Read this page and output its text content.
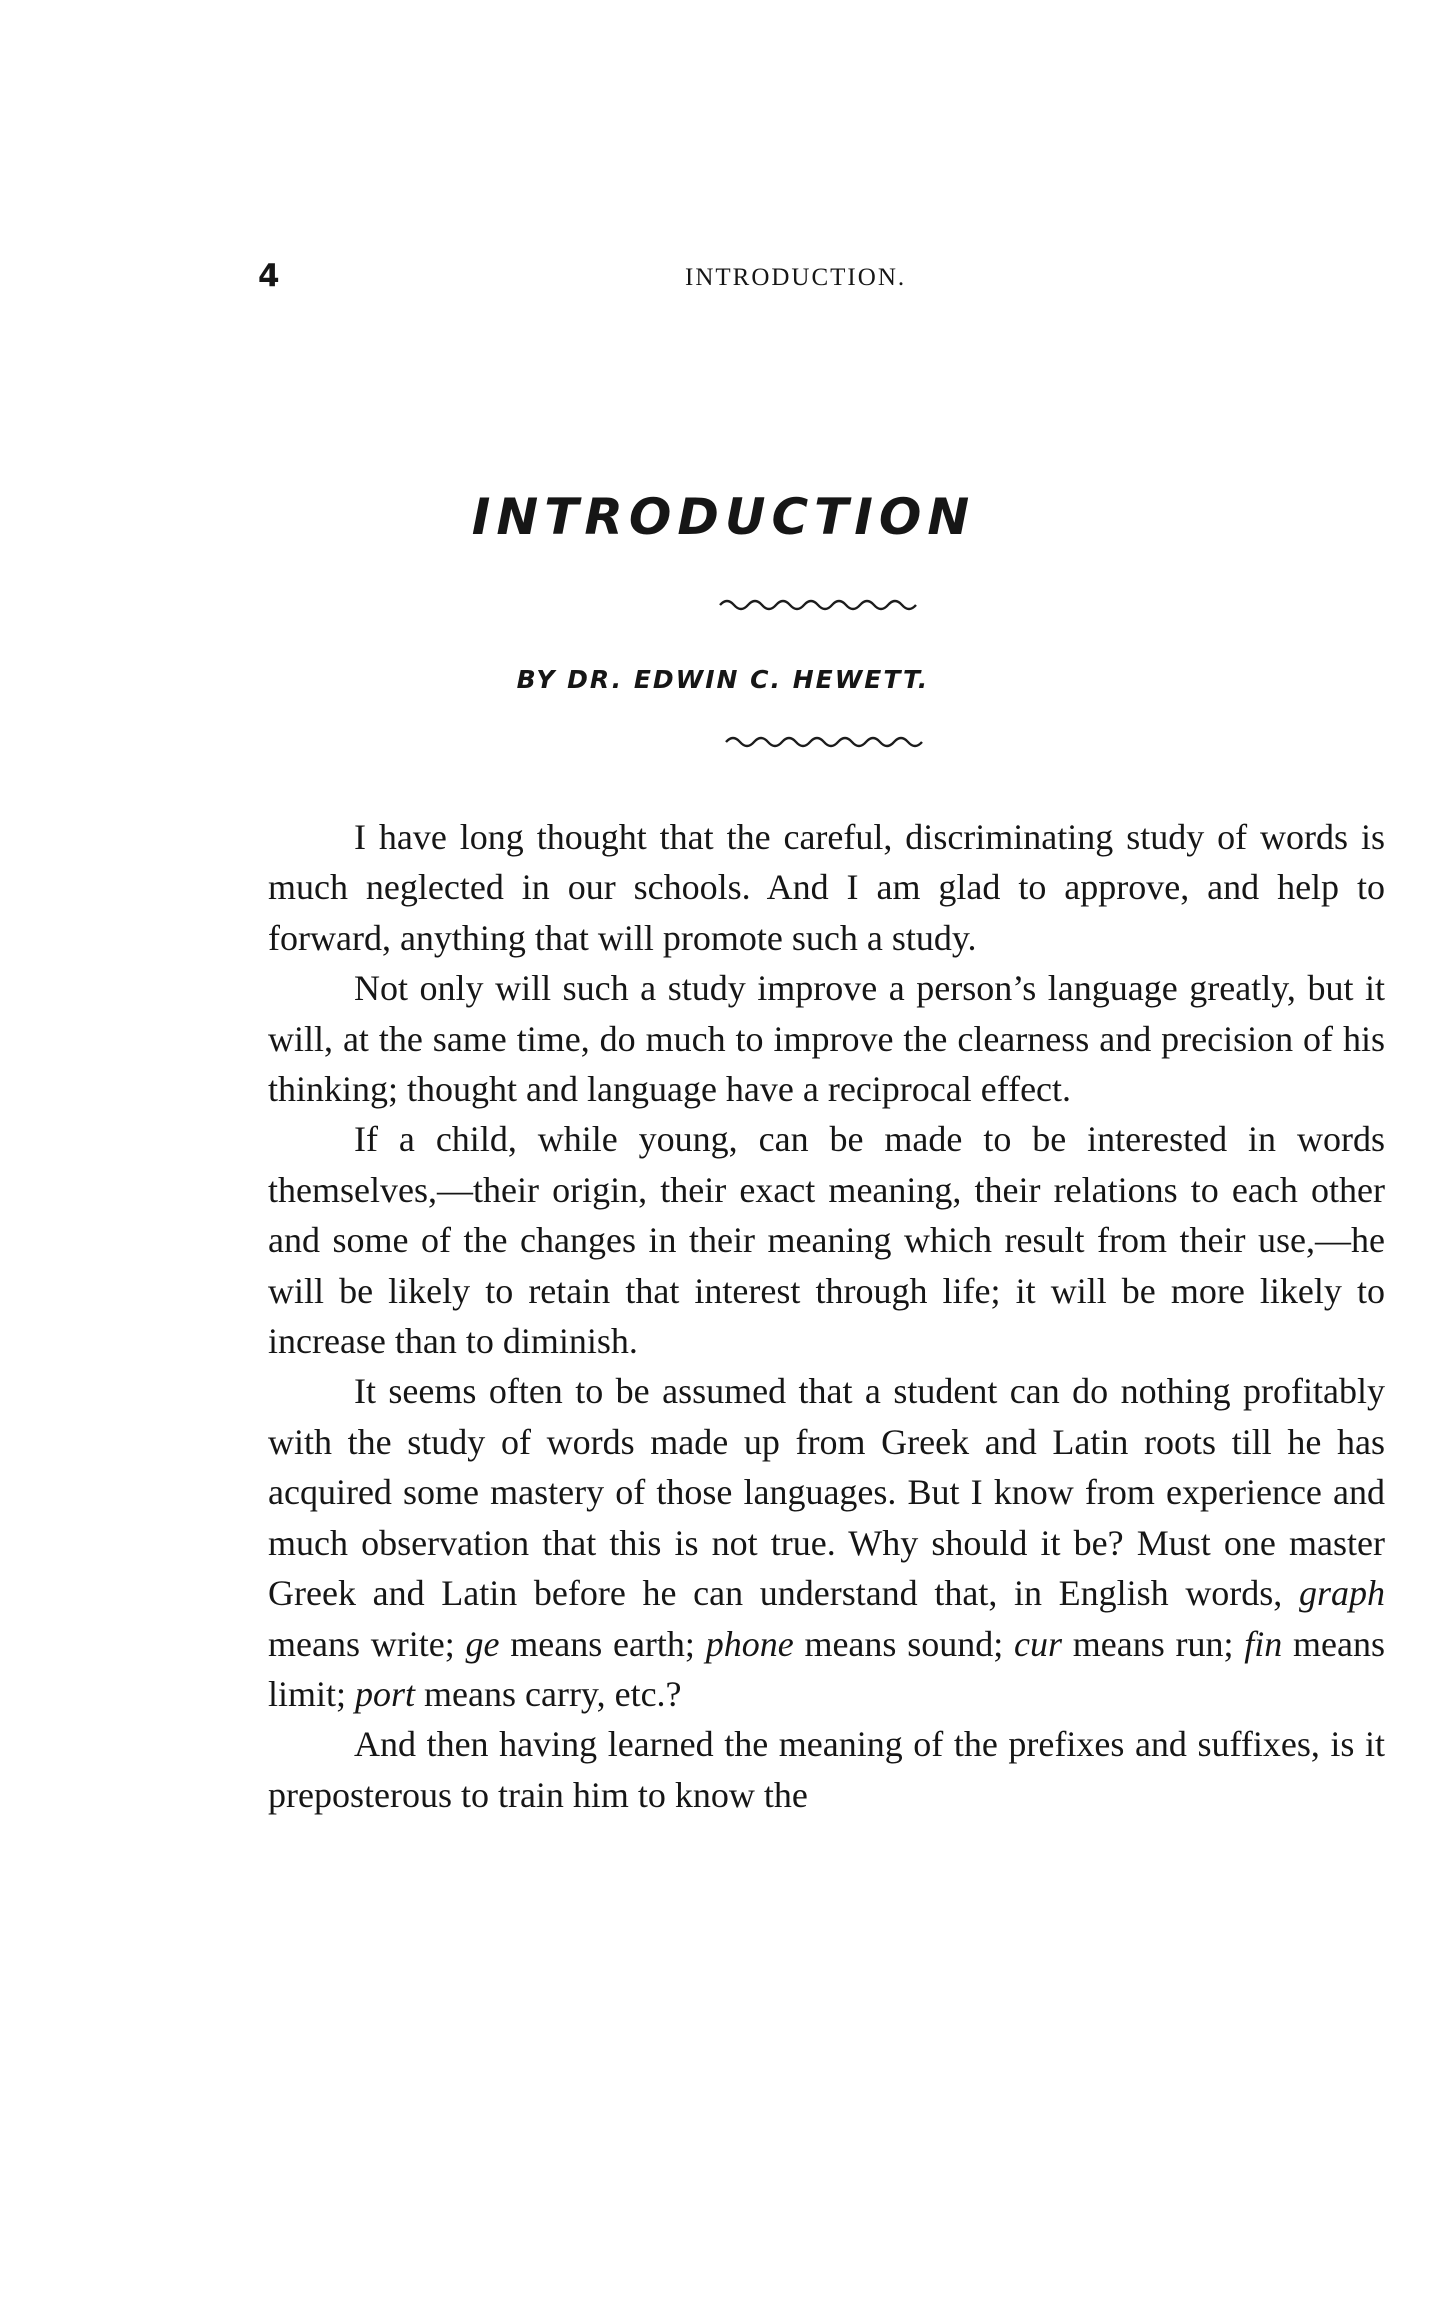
4	INTRODUCTION.
INTRODUCTION
BY DR. EDWIN C. HEWETT.

I have long thought that the careful, discriminating study of words is much neglected in our schools. And I am glad to approve, and help to forward, anything that will promote such a study.

Not only will such a study improve a person’s language greatly, but it will, at the same time, do much to improve the clearness and precision of his thinking; thought and language have a reciprocal effect.

If a child, while young, can be made to be interested in words themselves,—their origin, their exact meaning, their relations to each other and some of the changes in their meaning which result from their use,—he will be likely to retain that interest through life; it will be more likely to increase than to diminish.

It seems often to be assumed that a student can do nothing profitably with the study of words made up from Greek and Latin roots till he has acquired some mastery of those languages. But I know from experience and much observation that this is not true. Why should it be? Must one master Greek and Latin before he can understand that, in English words, graph means write; ge means earth; phone means sound; cur means run; fin means limit; port means carry, etc.?

And then having learned the meaning of the prefixes and suffixes, is it preposterous to train him to know the
